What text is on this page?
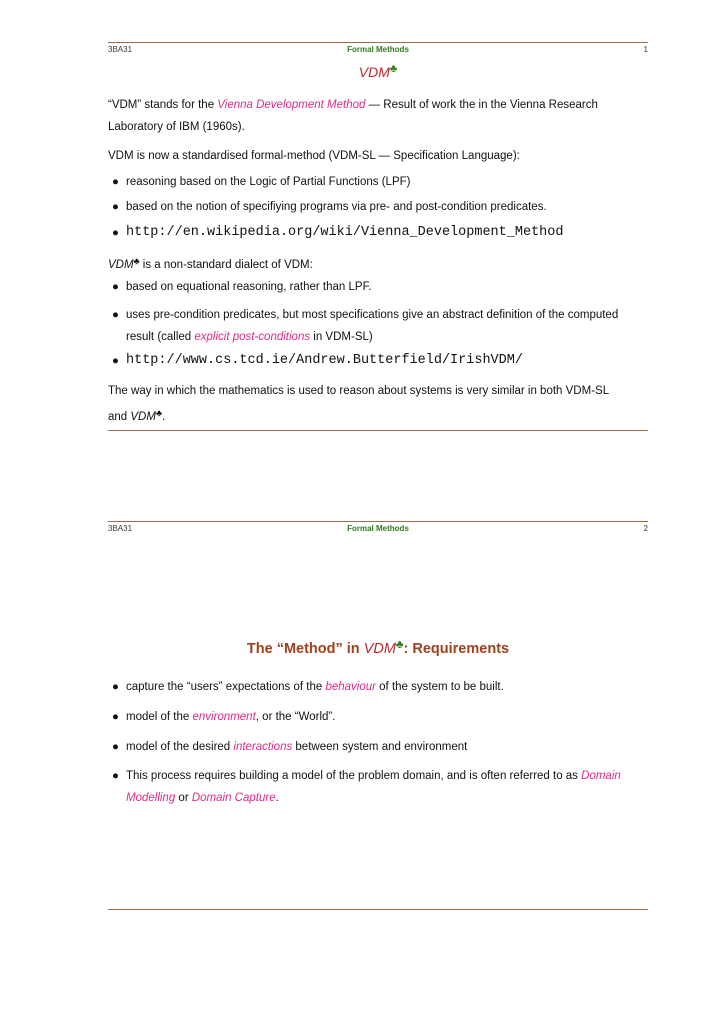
3BA31	Formal Methods	1
VDM♣
“VDM” stands for the Vienna Development Method — Result of work the in the Vienna Research
Laboratory of IBM (1960s).
VDM is now a standardised formal-method (VDM-SL — Specification Language):
● reasoning based on the Logic of Partial Functions (LPF)
● based on the notion of specifiying programs via pre- and post-condition predicates.
● http://en.wikipedia.org/wiki/Vienna_Development_Method
VDM♣ is a non-standard dialect of VDM:
● based on equational reasoning, rather than LPF.
● uses pre-condition predicates, but most specifications give an abstract definition of the computed
result (called explicit post-conditions in VDM-SL)
● http://www.cs.tcd.ie/Andrew.Butterfield/IrishVDM/
The way in which the mathematics is used to reason about systems is very similar in both VDM-SL
and VDM♣.
3BA31	Formal Methods	2
The “Method” in VDM♣: Requirements
● capture the “users” expectations of the behaviour of the system to be built.
● model of the environment, or the “World”.
● model of the desired interactions between system and environment
● This process requires building a model of the problem domain, and is often referred to as Domain
Modelling or Domain Capture.
